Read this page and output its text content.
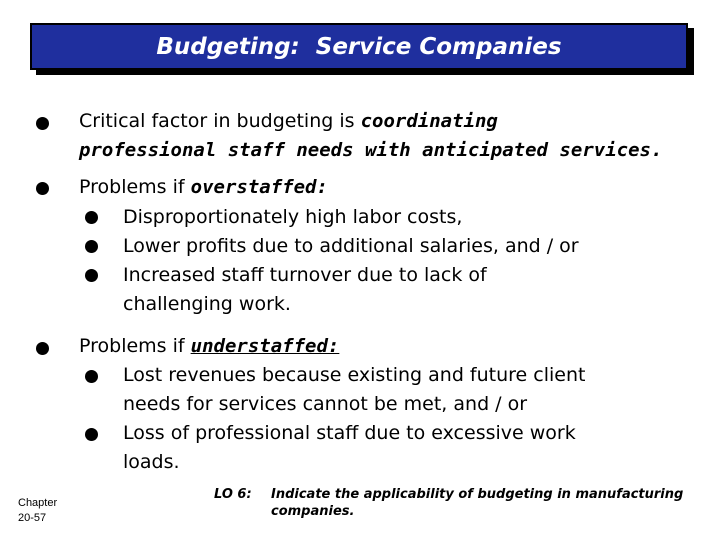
Budgeting:  Service Companies
Critical factor in budgeting is coordinating
professional staff needs with anticipated services.
Problems if overstaffed:
Disproportionately high labor costs,
Lower profits due to additional salaries, and / or
Increased staff turnover due to lack of
challenging work.
Problems if understaffed:
Lost revenues because existing and future client
needs for services cannot be met, and / or
Loss of professional staff due to excessive work
loads.
Chapter
20-57
LO 6: Indicate the applicability of budgeting in manufacturing
companies.
